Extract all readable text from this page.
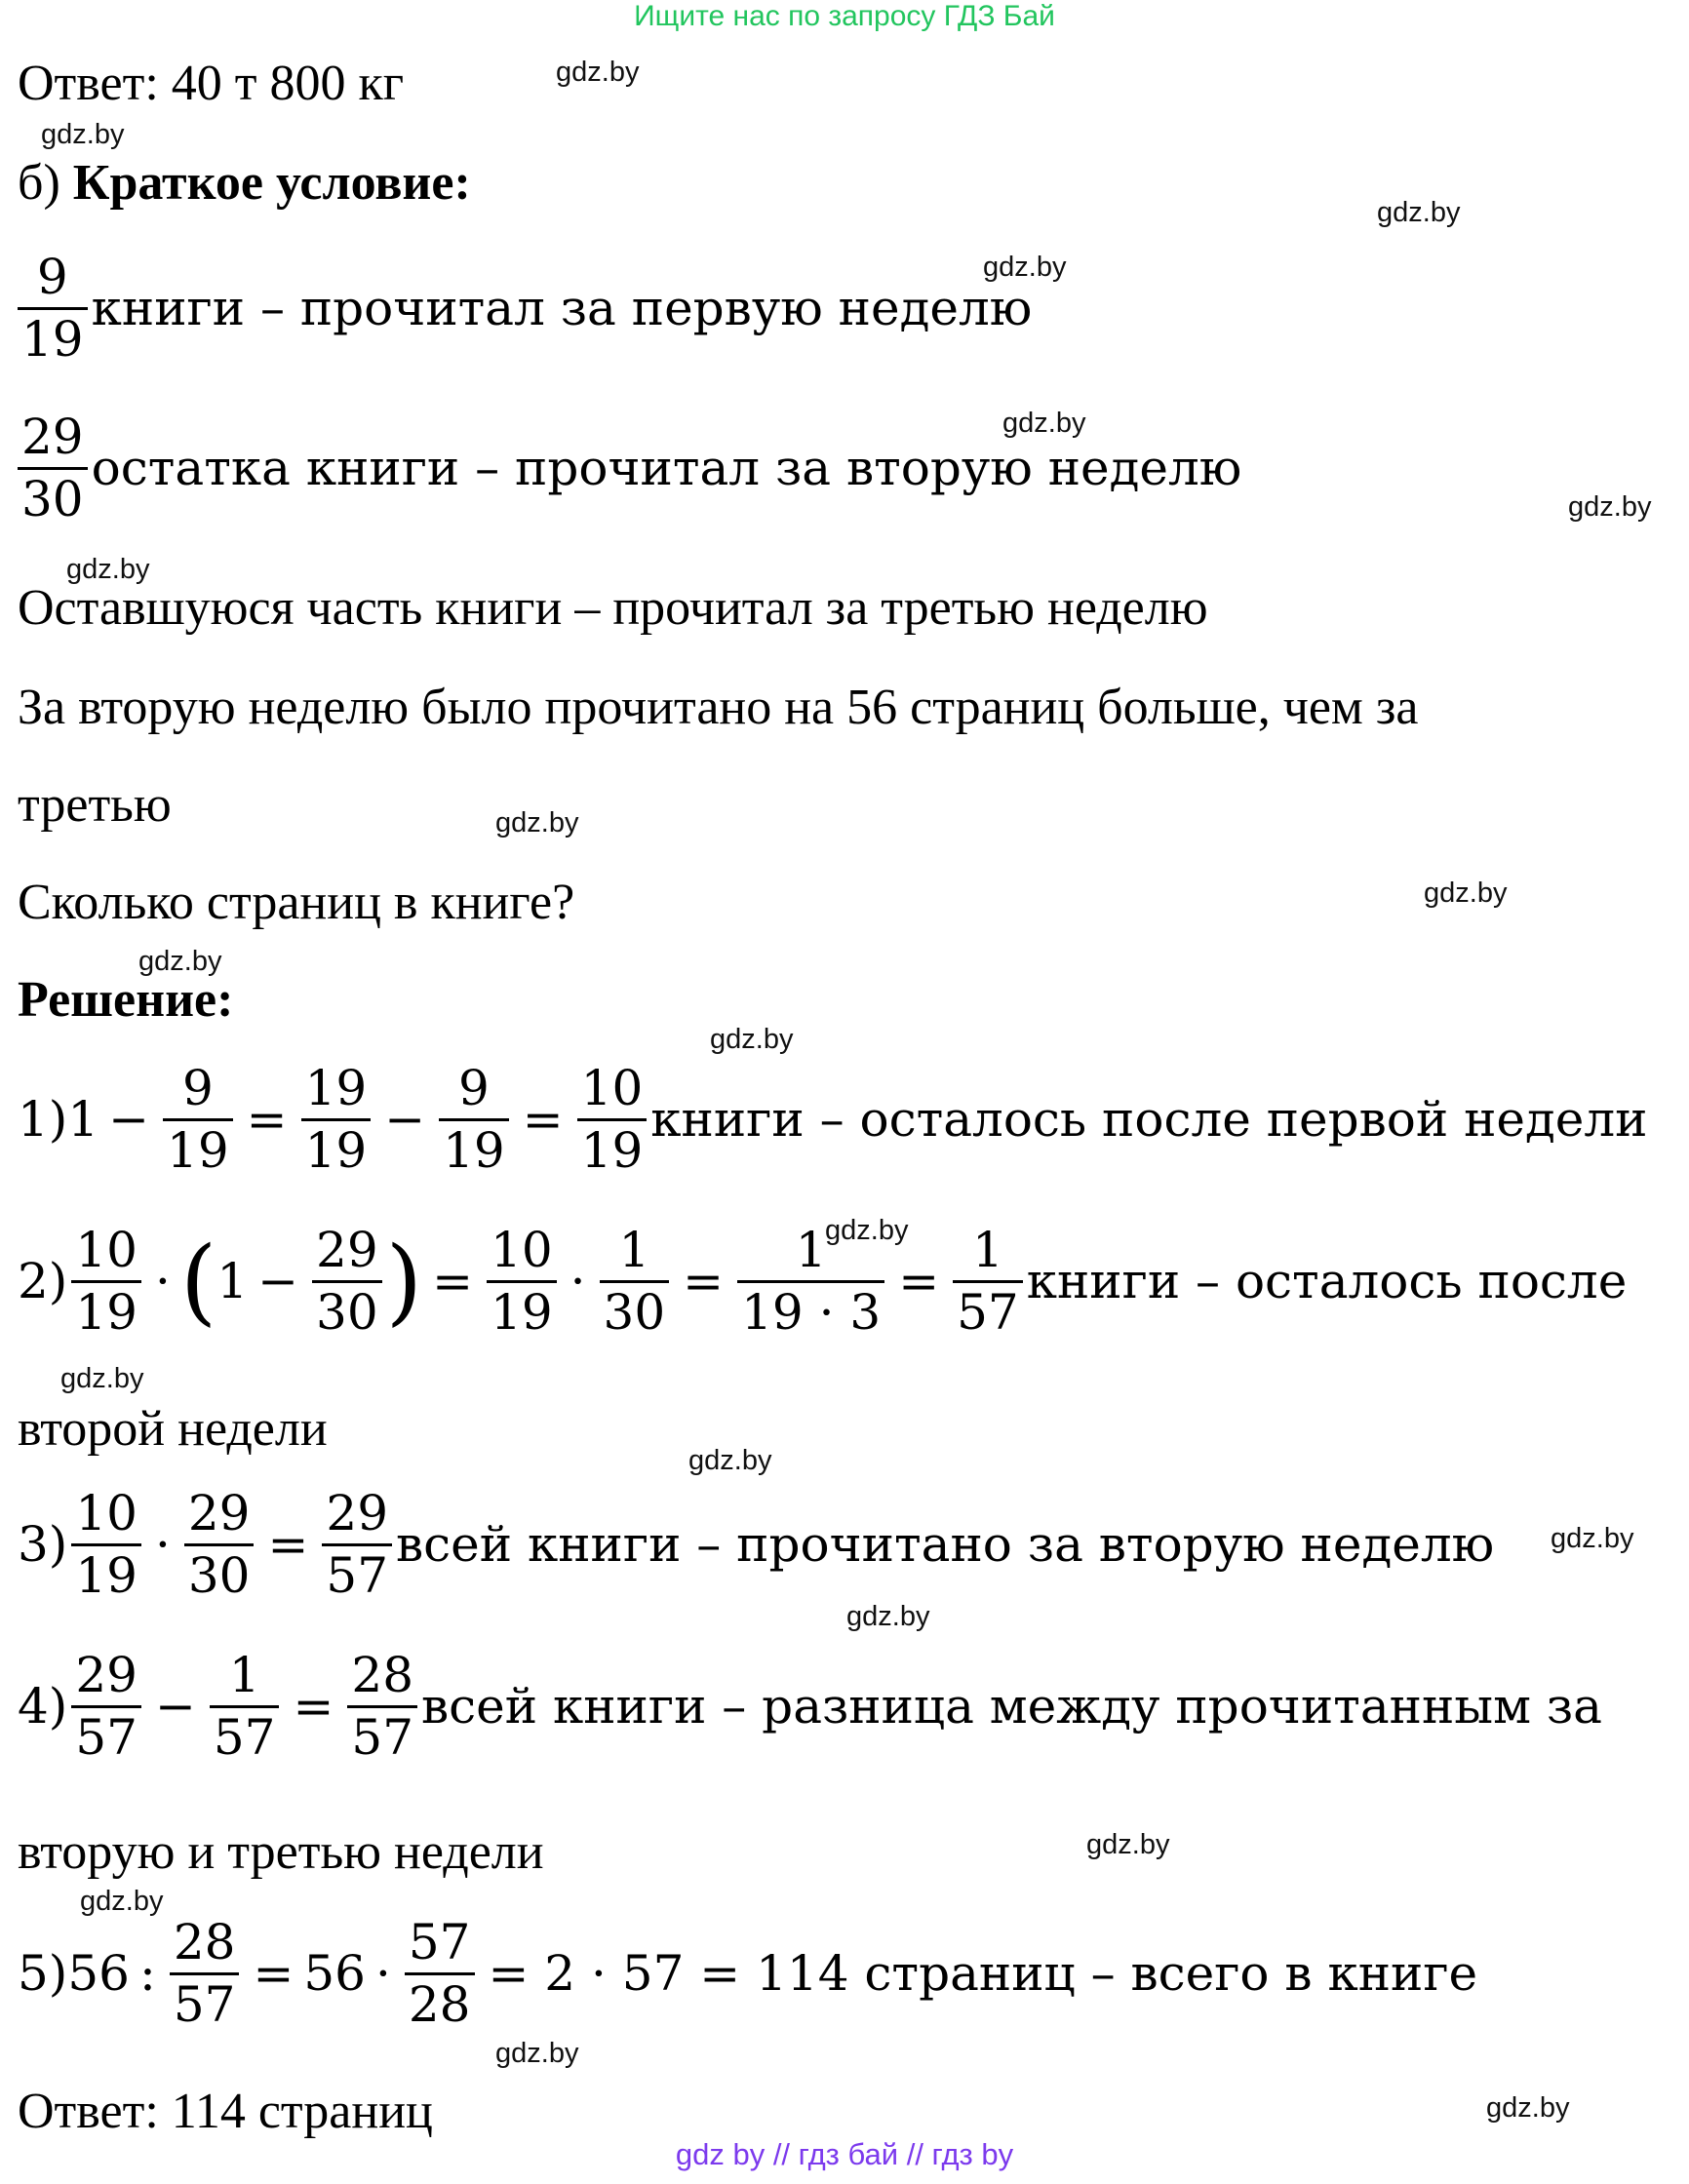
Ищите нас по запросу ГДЗ Бай
Ответ: 40 т 800 кг
б) Краткое условие:
$\frac{9}{19}$ книги – прочитал за первую неделю
$\frac{29}{30}$ остатка книги – прочитал за вторую неделю
Оставшуюся часть книги – прочитал за третью неделю
За вторую неделю было прочитано на 56 страниц больше, чем за
третью
Сколько страниц в книге?
Решение:
1) $1 - \frac{9}{19} = \frac{19}{19} - \frac{9}{19} = \frac{10}{19}$ книги – осталось после первой недели
$2) \frac{10}{19}$ · ( $1 - \frac{29}{30}$ ) = $\frac{10}{19} \cdot \frac{1}{30} = \frac{1}{19 \cdot 3} = \frac{1}{57}$ книги – осталось после
второй недели
$3) \frac{10}{19} \cdot \frac{29}{30} = \frac{29}{57}$ всей книги – прочитано за вторую неделю
$4) \frac{29}{57} - \frac{1}{57} = \frac{28}{57}$ всей книги – разница между прочитанным за
вторую и третью недели
5) 56 : $\frac{28}{57} = 56 \cdot \frac{57}{28} = 2 \cdot 57 = 114$ страниц – всего в книге
Ответ: 114 страниц
gdz.by
gdz.by
gdz.by
gdz.by
gdz.by
gdz.by
gdz.by
gdz.by
gdz.by
gdz.by
gdz.by
gdz.by
gdz.by
gdz.by
gdz.by
gdz.by
gdz.by
gdz.by
gdz.by
gdz.by
gdz by // гдз бай // гдз by
